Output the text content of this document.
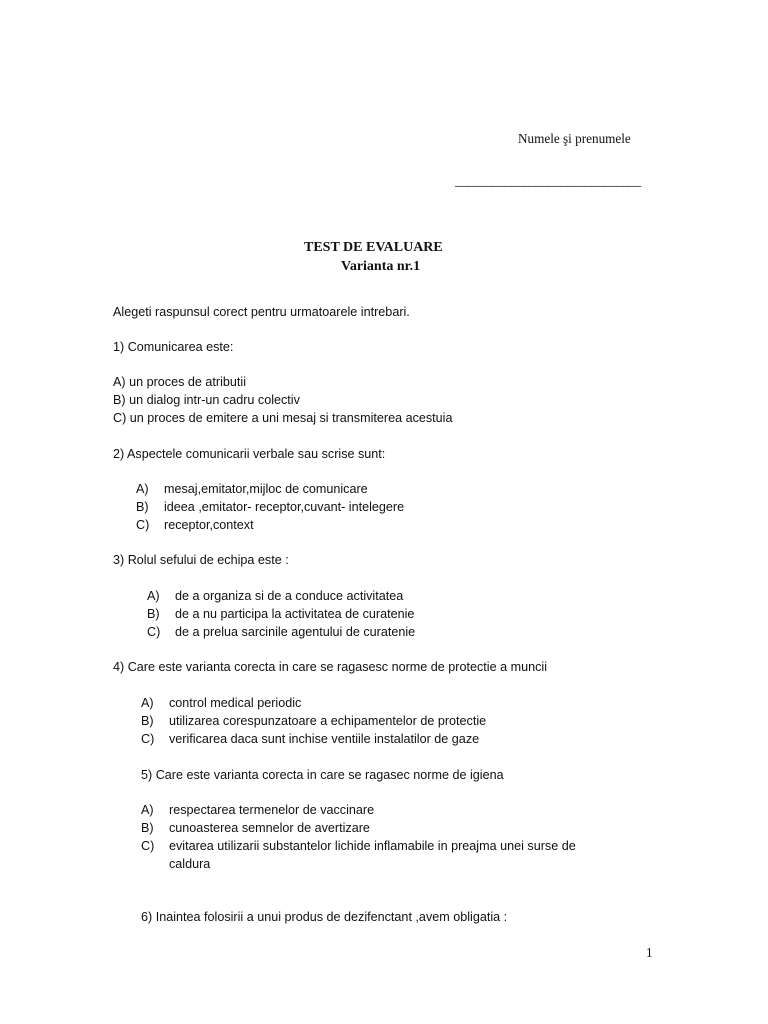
Numele şi prenumele
______________________________
TEST DE EVALUARE
Varianta nr.1
Alegeti raspunsul corect pentru urmatoarele intrebari.
1) Comunicarea este:
A) un proces de atributii
B) un dialog intr-un cadru colectiv
C) un proces de emitere a uni mesaj si transmiterea acestuia
2) Aspectele comunicarii verbale sau scrise sunt:
A) mesaj,emitator,mijloc de comunicare
B) ideea ,emitator- receptor,cuvant- intelegere
C) receptor,context
3) Rolul sefului de echipa este :
A) de a organiza si de a conduce activitatea
B) de a nu participa la activitatea de curatenie
C) de a prelua sarcinile agentului de curatenie
4) Care este varianta corecta in care se ragasesc norme de protectie a muncii
A) control medical periodic
B) utilizarea corespunzatoare a echipamentelor de protectie
C) verificarea daca sunt inchise ventiile instalatilor de gaze
5) Care este varianta corecta in care se ragasec norme de igiena
A) respectarea termenelor de vaccinare
B) cunoasterea semnelor de avertizare
C) evitarea utilizarii substantelor lichide inflamabile in preajma unei surse de
caldura
6) Inaintea folosirii a unui produs de dezifenctant ,avem obligatia :
1
